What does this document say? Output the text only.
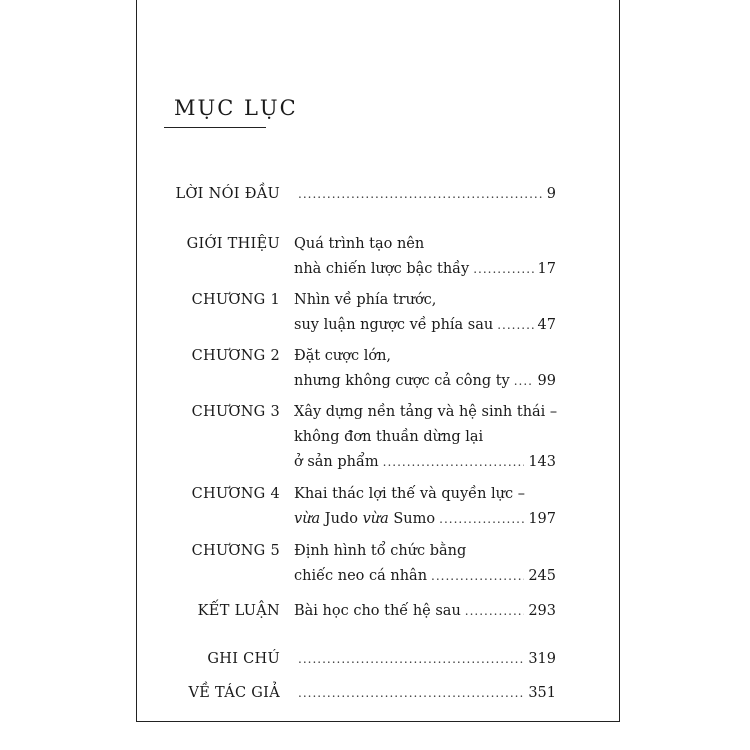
MỤC LỤC
LỜI NÓI ĐẦU .....	9
GIỚI THIỆU Quá trình tạo nên
nhà chiến lược bậc thầy .....	17
CHƯƠNG 1 Nhìn về phía trước,
suy luận ngược về phía sau .....	47
CHƯƠNG 2 Đặt cược lớn,
nhưng không cược cả công ty ..... 99
CHƯƠNG 3 Xây dựng nền tảng và hệ sinh thái –
không đơn thuần dừng lại
ở sản phẩm .....	143
CHƯƠNG 4 Khai thác lợi thế và quyền lực –
vừa Judo vừa Sumo .....	197
CHƯƠNG 5 Định hình tổ chức bằng
chiếc neo cá nhân .....	245
KẾT LUẬN Bài học cho thế hệ sau .....	293
GHI CHÚ .....	319
VỀ TÁC GIẢ .....	351
